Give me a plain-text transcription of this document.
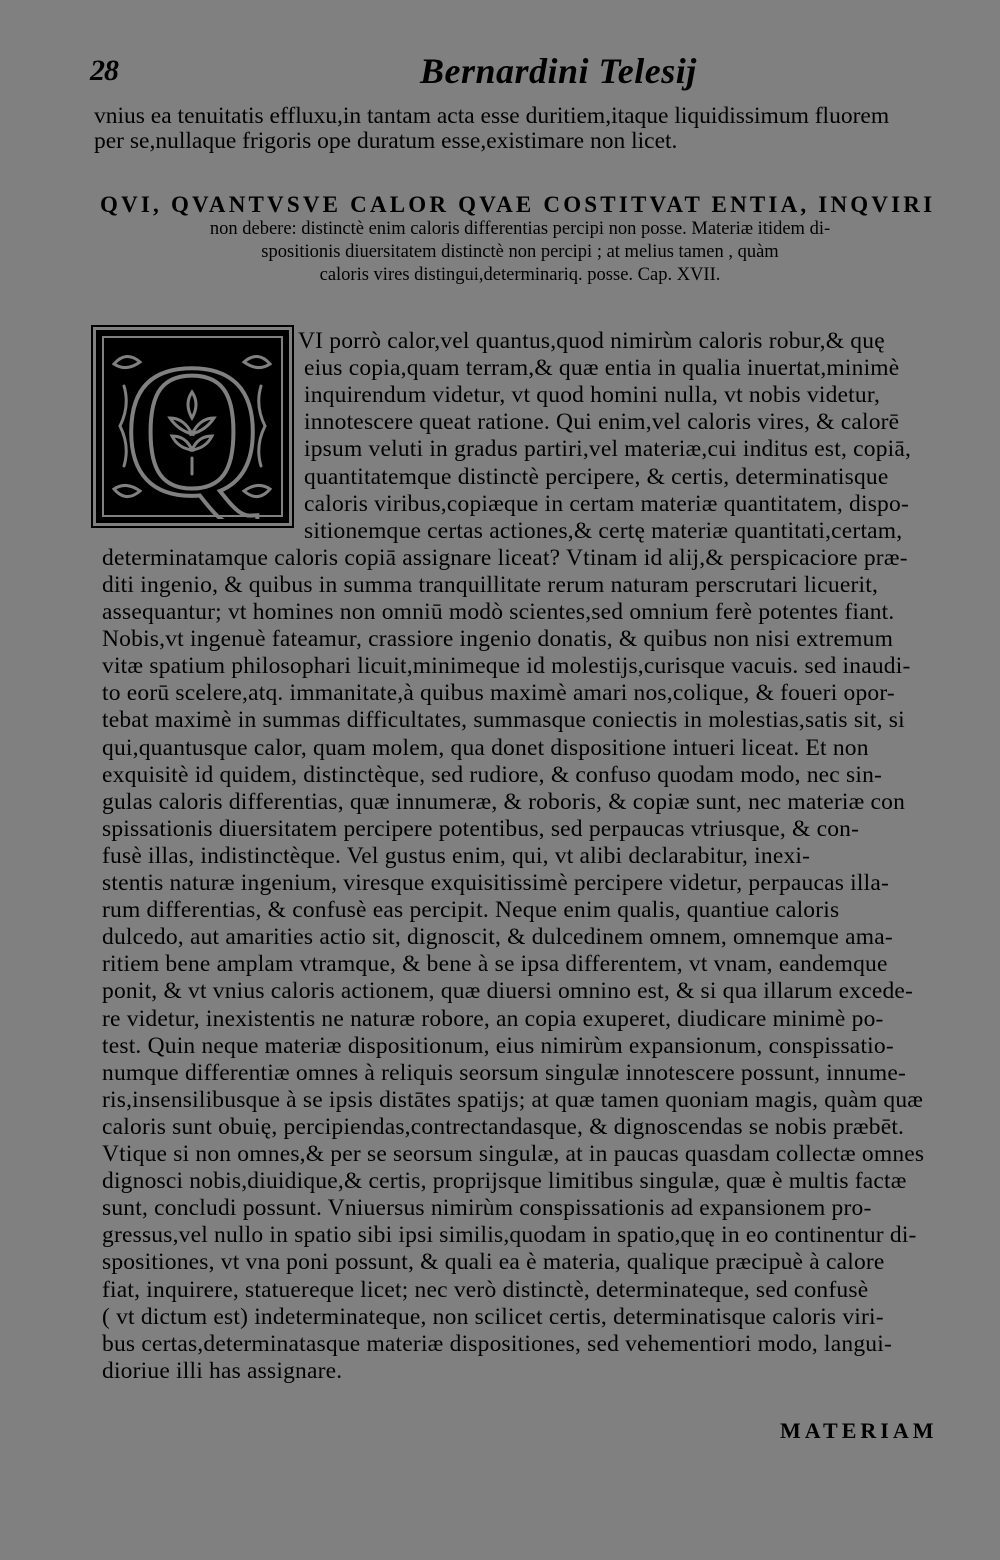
28	Bernardini Telesij
vnius ea tenuitatis effluxu,in tantam acta esse duritiem,itaque liquidissimum fluorem
per se,nullaque frigoris ope duratum esse,existimare non licet.
QVI, QVANTVSVE CALOR QVAE COSTITVAT ENTIA, INQVIRI
non debere: distinctè enim caloris differentias percipi non posse. Materiæ itidem di-
spositionis diuersitatem distinctè non percipi ; at melius tamen , quàm
caloris vires distingui,determinariq. posse. Cap. XVII.
Q VI porrò calor,vel quantus,quod nimirùm caloris robur,& quę
eius copia,quam terram,& quæ entia in qualia inuertat,minimè
inquirendum videtur, vt quod homini nulla, vt nobis videtur,
innotescere queat ratione. Qui enim,vel caloris vires, & calorē
ipsum veluti in gradus partiri,vel materiæ,cui inditus est, copiā,
quantitatemque distinctè percipere, & certis, determinatisque
caloris viribus,copiæque in certam materiæ quantitatem, dispo-
sitionemque certas actiones,& certę materiæ quantitati,certam,
determinatamque caloris copiā assignare liceat? Vtinam id alij,& perspicaciore præ-
diti ingenio, & quibus in summa tranquillitate rerum naturam perscrutari licuerit,
assequantur; vt homines non omniū modò scientes,sed omnium ferè potentes fiant.
Nobis,vt ingenuè fateamur, crassiore ingenio donatis, & quibus non nisi extremum
vitæ spatium philosophari licuit,minimeque id molestijs,curisque vacuis. sed inaudi-
to eorū scelere,atq. immanitate,à quibus maximè amari nos,colique, & foueri opor-
tebat maximè in summas difficultates, summasque coniectis in molestias,satis sit, si
qui,quantusque calor, quam molem, qua donet dispositione intueri liceat. Et non
exquisitè id quidem, distinctèque, sed rudiore, & confuso quodam modo, nec sin-
gulas caloris differentias, quæ innumeræ, & roboris, & copiæ sunt, nec materiæ con
spissationis diuersitatem percipere potentibus, sed perpaucas vtriusque, & con-
fusè illas, indistinctèque. Vel gustus enim, qui, vt alibi declarabitur, inexi-
stentis naturæ ingenium, viresque exquisitissimè percipere videtur, perpaucas illa-
rum differentias, & confusè eas percipit. Neque enim qualis, quantiue caloris
dulcedo, aut amarities actio sit, dignoscit, & dulcedinem omnem, omnemque ama-
ritiem bene amplam vtramque, & bene à se ipsa differentem, vt vnam, eandemque
ponit, & vt vnius caloris actionem, quæ diuersi omnino est, & si qua illarum excede-
re videtur, inexistentis ne naturæ robore, an copia exuperet, diudicare minimè po-
test. Quin neque materiæ dispositionum, eius nimirùm expansionum, conspissatio-
numque differentiæ omnes à reliquis seorsum singulæ innotescere possunt, innume-
ris,insensilibusque à se ipsis distātes spatijs; at quæ tamen quoniam magis, quàm quæ
caloris sunt obuię, percipiendas,contrectandasque, & dignoscendas se nobis præbēt.
Vtique si non omnes,& per se seorsum singulæ, at in paucas quasdam collectæ omnes
dignosci nobis,diuidique,& certis, proprijsque limitibus singulæ, quæ è multis factæ
sunt, concludi possunt. Vniuersus nimirùm conspissationis ad expansionem pro-
gressus,vel nullo in spatio sibi ipsi similis,quodam in spatio,quę in eo continentur di-
spositiones, vt vna poni possunt, & quali ea è materia, qualique præcipuè à calore
fiat, inquirere, statuereque licet; nec verò distinctè, determinateque, sed confusè
( vt dictum est) indeterminateque, non scilicet certis, determinatisque caloris viri-
bus certas,determinatasque materiæ dispositiones, sed vehementiori modo, langui-
dioriue illi has assignare.
MATERIAM
